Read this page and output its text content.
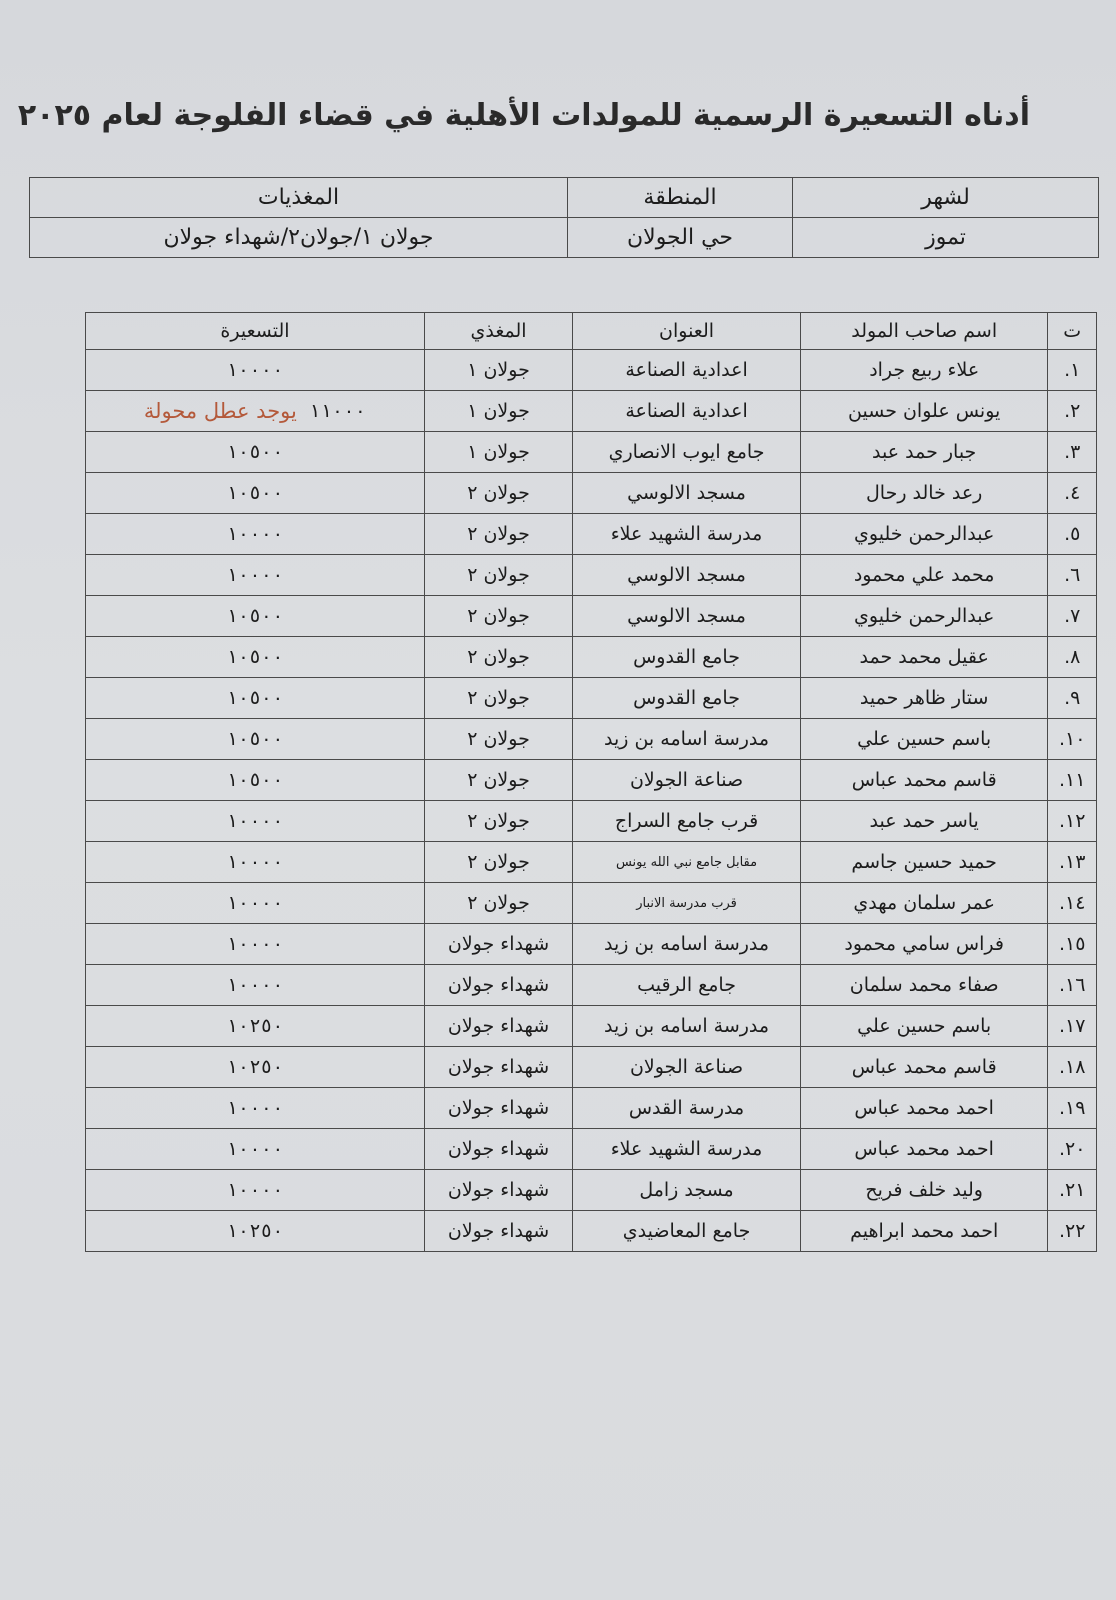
أدناه التسعيرة الرسمية للمولدات الأهلية في قضاء الفلوجة لعام ٢٠٢٥
لشهر	المنطقة	المغذيات
تموز	حي الجولان	جولان ١/جولان٢/شهداء جولان
ت	اسم صاحب المولد	العنوان	المغذي	التسعيرة
١.	علاء ربيع جراد	اعدادية الصناعة	جولان ١	١٠٠٠٠
٢.	يونس علوان حسين	اعدادية الصناعة	جولان ١	١١٠٠٠
يوجد عطل محولة

٣.	جبار حمد عبد	جامع ايوب الانصاري	جولان ١	١٠٥٠٠
٤.	رعد خالد رحال	مسجد الالوسي	جولان ٢	١٠٥٠٠
٥.	عبدالرحمن خليوي	مدرسة الشهيد علاء	جولان ٢	١٠٠٠٠
٦.	محمد علي محمود	مسجد الالوسي	جولان ٢	١٠٠٠٠
٧.	عبدالرحمن خليوي	مسجد الالوسي	جولان ٢	١٠٥٠٠
٨.	عقيل محمد حمد	جامع القدوس	جولان ٢	١٠٥٠٠
٩.	ستار ظاهر حميد	جامع القدوس	جولان ٢	١٠٥٠٠
١٠.	باسم حسين علي	مدرسة اسامه بن زيد	جولان ٢	١٠٥٠٠
١١.	قاسم محمد عباس	صناعة الجولان	جولان ٢	١٠٥٠٠
١٢.	ياسر حمد عبد	قرب جامع السراج	جولان ٢	١٠٠٠٠
١٣.	حميد حسين جاسم	مقابل جامع نبي الله يونس	جولان ٢	١٠٠٠٠
١٤.	عمر سلمان مهدي	قرب مدرسة الانبار	جولان ٢	١٠٠٠٠
١٥.	فراس سامي محمود	مدرسة اسامه بن زيد	شهداء جولان	١٠٠٠٠
١٦.	صفاء محمد سلمان	جامع الرقيب	شهداء جولان	١٠٠٠٠
١٧.	باسم حسين علي	مدرسة اسامه بن زيد	شهداء جولان	١٠٢٥٠
١٨.	قاسم محمد عباس	صناعة الجولان	شهداء جولان	١٠٢٥٠
١٩.	احمد محمد عباس	مدرسة القدس	شهداء جولان	١٠٠٠٠
٢٠.	احمد محمد عباس	مدرسة الشهيد علاء	شهداء جولان	١٠٠٠٠
٢١.	وليد خلف فريح	مسجد زامل	شهداء جولان	١٠٠٠٠
٢٢.	احمد محمد ابراهيم	جامع المعاضيدي	شهداء جولان	١٠٢٥٠
